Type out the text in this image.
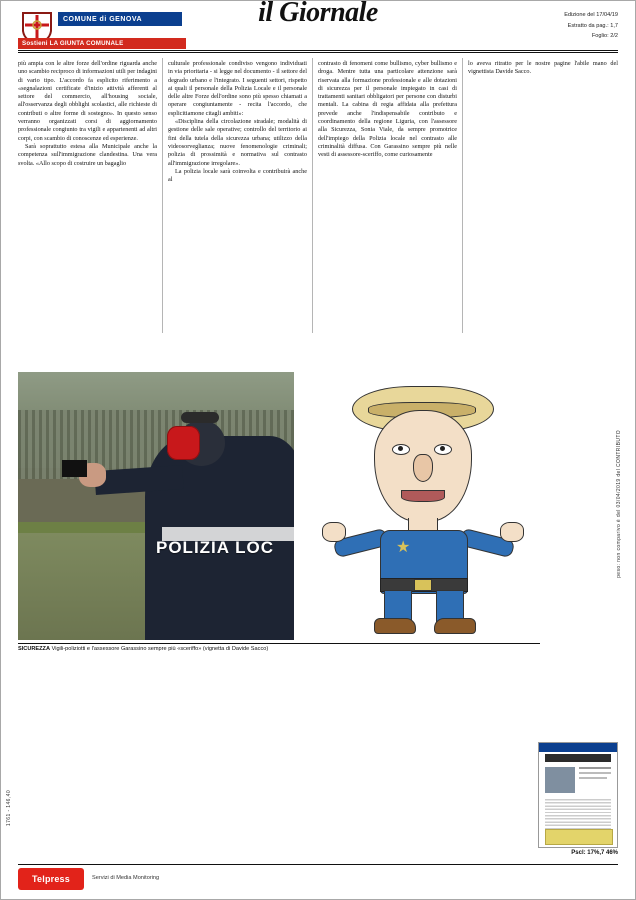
COMUNE di GENOVA
Sostieni LA GIUNTA COMUNALE
il Giornale	Edizione del 17/04/19
Estratto da pag.: 1,7
Foglio: 2/2

più ampia con le altre forze dell'ordine riguarda anche uno scambio reciproco di informazioni utili per indagini di vario tipo. L'accordo fa esplicito riferimento a «segnalazioni certificate d'inizio attività afferenti al settore del commercio, all'housing sociale, all'osservanza degli obblighi scolastici, alle richieste di contributi o altre forme di sostegno». In questo senso verranno organizzati corsi di aggiornamento professionale congiunto tra vigili e appartenenti ad altri corpi, con scambio di conoscenze ed esperienze.

Sarà soprattutto estesa alla Municipale anche la competenza sull'immigrazione clandestina. Una vera svolta. «Allo scopo di costruire un bagaglio

culturale professionale condiviso vengono individuati in via prioritaria - si legge nel documento - il settore del degrado urbano e l'integrato. I seguenti settori, rispetto ai quali il personale della Polizia Locale e il personale delle altre Forze dell'ordine sono più spesso chiamati a operare congiuntamente - recita l'accordo, che esplicitiamone citagli ambiti»:

«Disciplina della circolazione stradale; modalità di gestione delle sale operative; controllo del territorio ai fini della tutela della sicurezza urbana; utilizzo della videosorveglianza; nuove fenomenologie criminali; polizia di prossimità e normativa sul contrasto all'immigrazione irregolare».

La polizia locale sarà coinvolta e contribuirà anche al

contrasto di fenomeni come bullismo, cyber bullismo e droga. Mentre tutta una particolare attenzione sarà riservata alla formazione professionale e alle dotazioni di sicurezza per il personale impiegato in casi di trattamenti sanitari obbligatori per persone con disturbi mentali. La cabina di regia affidata alla prefettura prevede anche l'indispensabile contributo e coordinamento della regione Liguria, con l'assessore alla Sicurezza, Sonia Viale, da sempre promotrice dell'impiego della Polizia locale nel contrasto alle criminalità diffusa. Con Garassino sempre più nelle vesti di assessore-sceriffo, come curiosamente

lo aveva ritratto per le nostre pagine l'abile mano del vignettista Davide Sacco.

POLIZIA LOC	★
SICUREZZA Vigili-poliziotti e l'assessore Garassino sempre più «sceriffo» (vignetta di Davide Sacco)
peso: non comparivo è del 03/04/2019 del CONTRIBUTO
1761 - 146,40
Pscl: 17%,7 46%
Telpress	Servizi di Media Monitoring
